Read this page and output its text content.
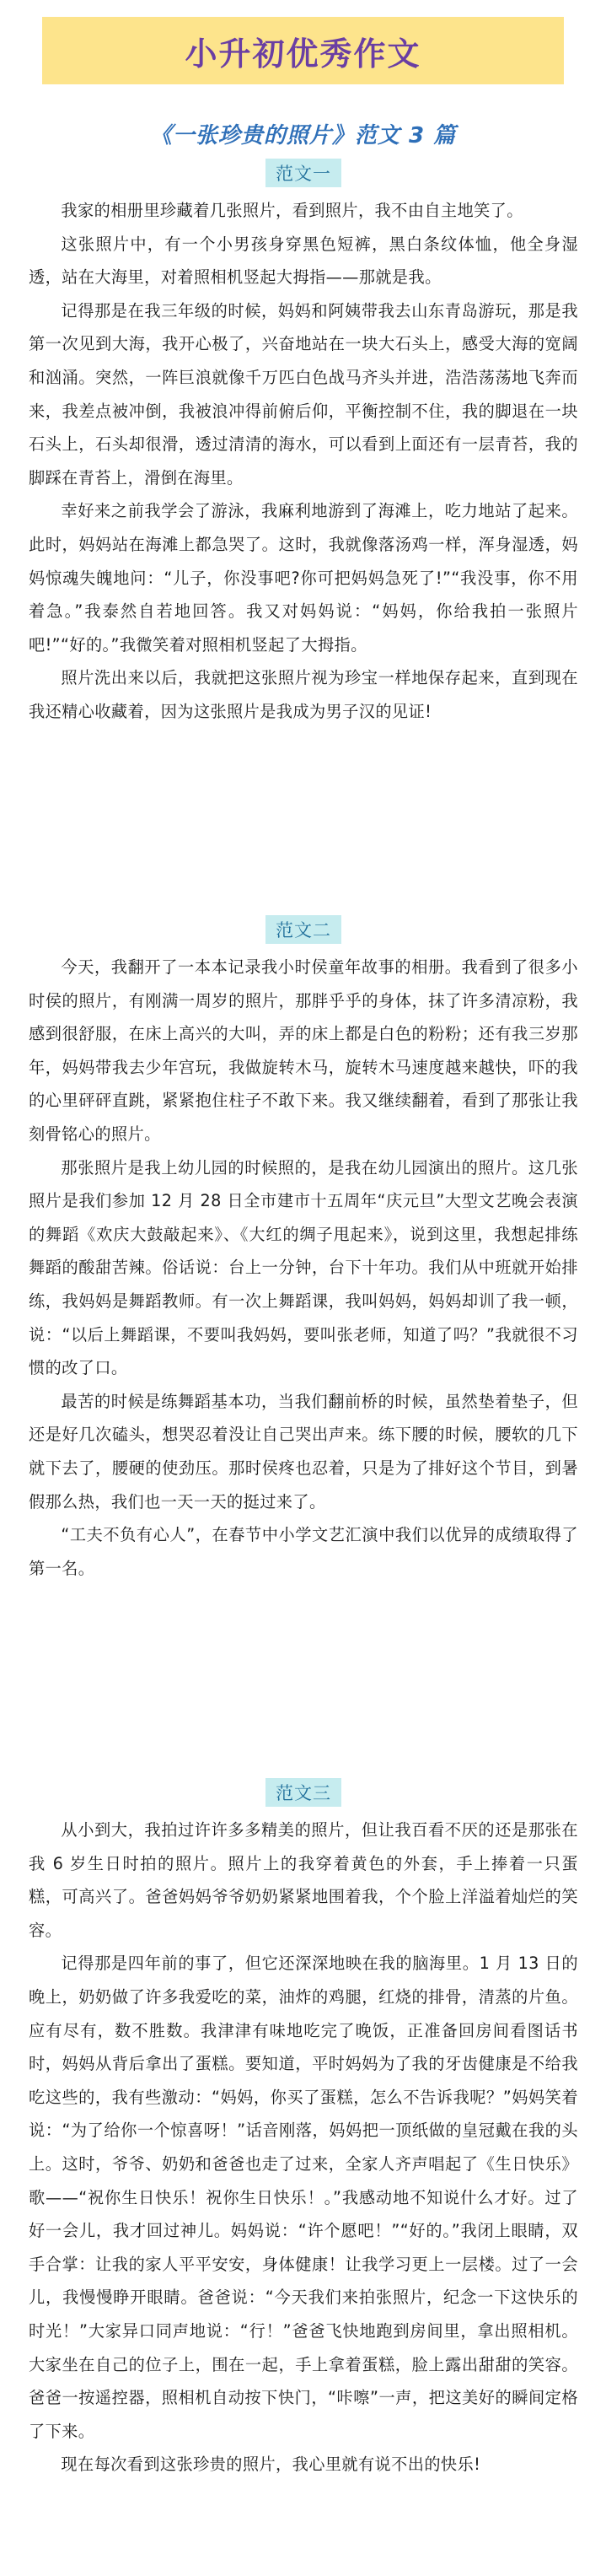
小升初优秀作文
《一张珍贵的照片》范文 3 篇
范文一

我家的相册里珍藏着几张照片，看到照片，我不由自主地笑了。

这张照片中，有一个小男孩身穿黑色短裤，黑白条纹体恤，他全身湿透，站在大海里，对着照相机竖起大拇指——那就是我。

记得那是在我三年级的时候，妈妈和阿姨带我去山东青岛游玩，那是我第一次见到大海，我开心极了，兴奋地站在一块大石头上，感受大海的宽阔和汹涌。突然，一阵巨浪就像千万匹白色战马齐头并进，浩浩荡荡地飞奔而来，我差点被冲倒，我被浪冲得前俯后仰，平衡控制不住，我的脚退在一块石头上，石头却很滑，透过清清的海水，可以看到上面还有一层青苔，我的脚踩在青苔上，滑倒在海里。

幸好来之前我学会了游泳，我麻利地游到了海滩上，吃力地站了起来。此时，妈妈站在海滩上都急哭了。这时，我就像落汤鸡一样，浑身湿透，妈妈惊魂失魄地问：“儿子，你没事吧?你可把妈妈急死了!”“我没事，你不用着急。”我泰然自若地回答。我又对妈妈说：“妈妈，你给我拍一张照片吧!”“好的。”我微笑着对照相机竖起了大拇指。

照片洗出来以后，我就把这张照片视为珍宝一样地保存起来，直到现在我还精心收藏着，因为这张照片是我成为男子汉的见证!

范文二

今天，我翻开了一本本记录我小时侯童年故事的相册。我看到了很多小时侯的照片，有刚满一周岁的照片，那胖乎乎的身体，抹了许多清凉粉，我感到很舒服，在床上高兴的大叫，弄的床上都是白色的粉粉；还有我三岁那年，妈妈带我去少年宫玩，我做旋转木马，旋转木马速度越来越快，吓的我的心里砰砰直跳，紧紧抱住柱子不敢下来。我又继续翻着，看到了那张让我刻骨铭心的照片。

那张照片是我上幼儿园的时候照的，是我在幼儿园演出的照片。这几张照片是我们参加 12 月 28 日全市建市十五周年“庆元旦”大型文艺晚会表演的舞蹈《欢庆大鼓敲起来》、《大红的绸子甩起来》，说到这里，我想起排练舞蹈的酸甜苦辣。俗话说：台上一分钟，台下十年功。我们从中班就开始排练，我妈妈是舞蹈教师。有一次上舞蹈课，我叫妈妈，妈妈却训了我一顿，说：“以后上舞蹈课，不要叫我妈妈，要叫张老师，知道了吗？”我就很不习惯的改了口。

最苦的时候是练舞蹈基本功，当我们翻前桥的时候，虽然垫着垫子，但还是好几次磕头，想哭忍着没让自己哭出声来。练下腰的时候，腰软的几下就下去了，腰硬的使劲压。那时侯疼也忍着，只是为了排好这个节目，到暑假那么热，我们也一天一天的挺过来了。

“工夫不负有心人”，在春节中小学文艺汇演中我们以优异的成绩取得了第一名。

范文三

从小到大，我拍过许许多多精美的照片，但让我百看不厌的还是那张在我 6 岁生日时拍的照片。照片上的我穿着黄色的外套，手上捧着一只蛋糕，可高兴了。爸爸妈妈爷爷奶奶紧紧地围着我，个个脸上洋溢着灿烂的笑容。

记得那是四年前的事了，但它还深深地映在我的脑海里。1 月 13 日的晚上，奶奶做了许多我爱吃的菜，油炸的鸡腿，红烧的排骨，清蒸的片鱼。应有尽有，数不胜数。我津津有味地吃完了晚饭，正准备回房间看图话书时，妈妈从背后拿出了蛋糕。要知道，平时妈妈为了我的牙齿健康是不给我吃这些的，我有些激动：“妈妈，你买了蛋糕，怎么不告诉我呢？”妈妈笑着说：“为了给你一个惊喜呀！”话音刚落，妈妈把一顶纸做的皇冠戴在我的头上。这时，爷爷、奶奶和爸爸也走了过来，全家人齐声唱起了《生日快乐》歌——“祝你生日快乐！祝你生日快乐！。”我感动地不知说什么才好。过了好一会儿，我才回过神儿。妈妈说：“许个愿吧！”“好的。”我闭上眼睛，双手合掌：让我的家人平平安安，身体健康！让我学习更上一层楼。过了一会儿，我慢慢睁开眼睛。爸爸说：“今天我们来拍张照片，纪念一下这快乐的时光！”大家异口同声地说：“行！”爸爸飞快地跑到房间里，拿出照相机。大家坐在自己的位子上，围在一起，手上拿着蛋糕，脸上露出甜甜的笑容。爸爸一按遥控器，照相机自动按下快门，“咔嚓”一声，把这美好的瞬间定格了下来。

现在每次看到这张珍贵的照片，我心里就有说不出的快乐!
